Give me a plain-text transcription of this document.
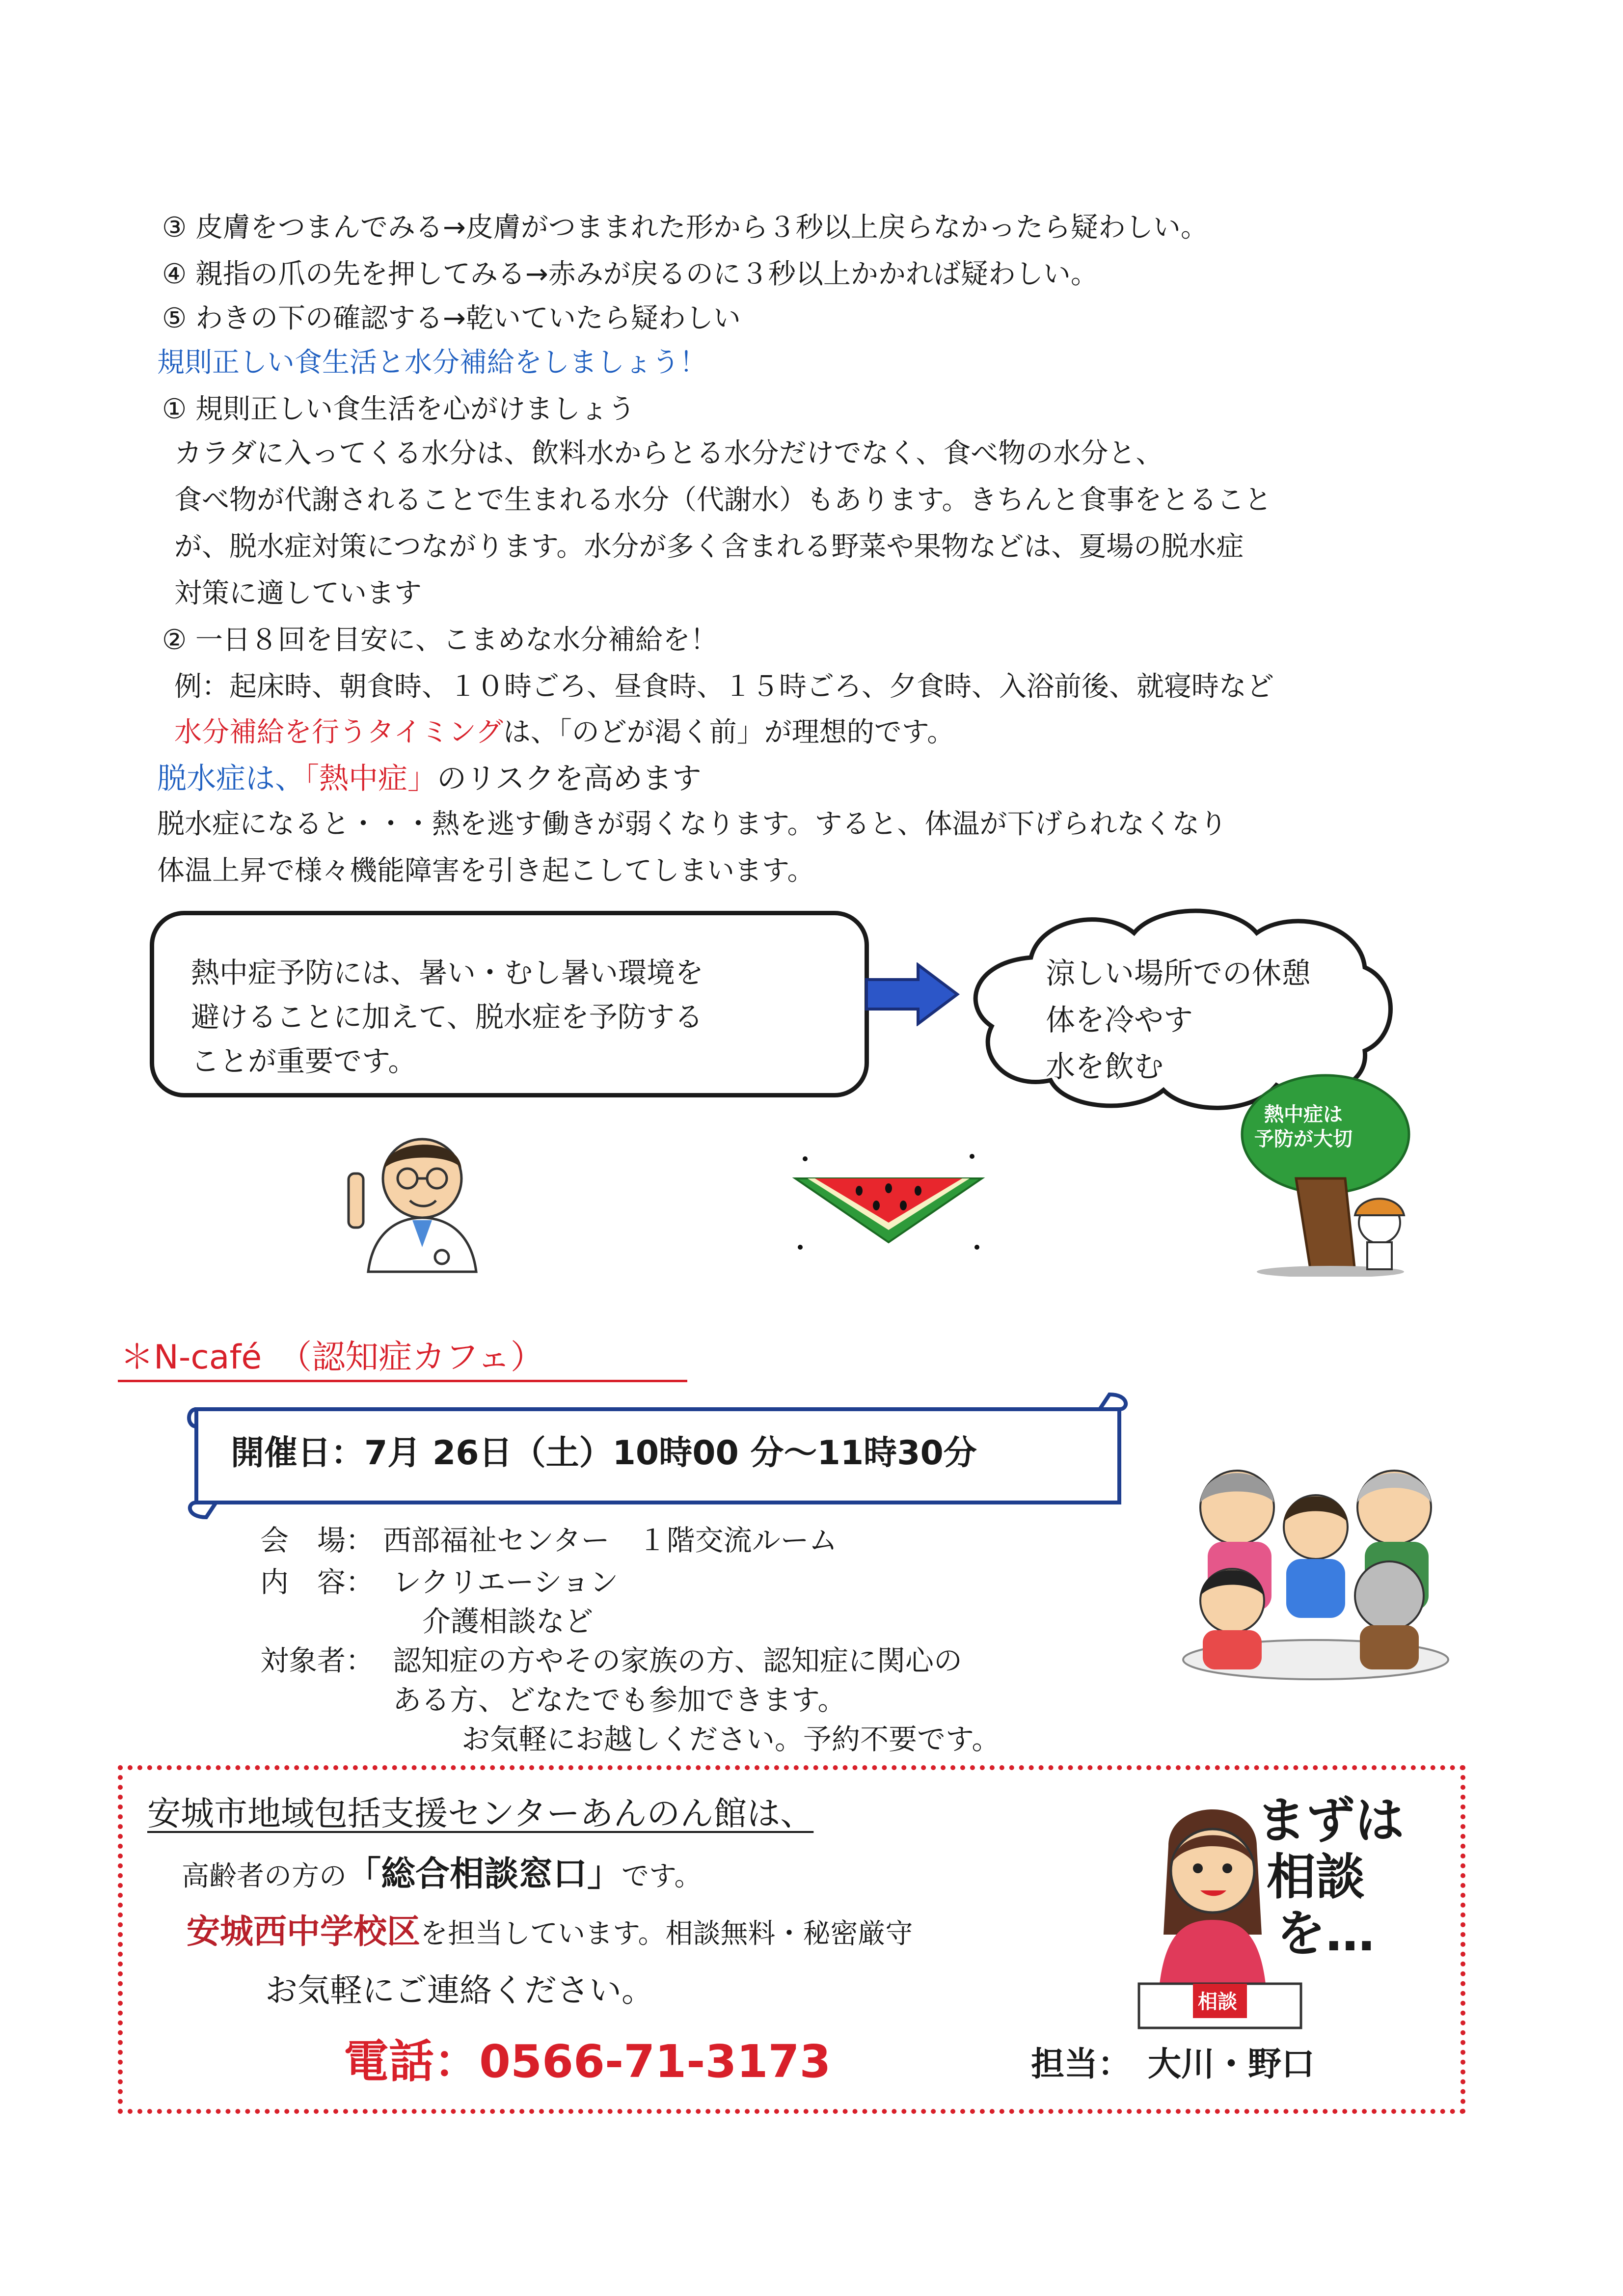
③ 皮膚をつまんでみる→皮膚がつままれた形から３秒以上戻らなかったら疑わしい。
④ 親指の爪の先を押してみる→赤みが戻るのに３秒以上かかれば疑わしい。
⑤ わきの下の確認する→乾いていたら疑わしい
規則正しい食生活と水分補給をしましょう！
① 規則正しい食生活を心がけましょう
カラダに入ってくる水分は、飲料水からとる水分だけでなく、食べ物の水分と、
食べ物が代謝されることで生まれる水分（代謝水）もあります。きちんと食事をとること
が、脱水症対策につながります。水分が多く含まれる野菜や果物などは、夏場の脱水症
対策に適しています
② 一日８回を目安に、こまめな水分補給を！
例：起床時、朝食時、１０時ごろ、昼食時、１５時ごろ、夕食時、入浴前後、就寝時など
水分補給を行うタイミングは、「のどが渇く前」が理想的です。
脱水症は、「熱中症」のリスクを高めます
脱水症になると・・・熱を逃す働きが弱くなります。すると、体温が下げられなくなり
体温上昇で様々機能障害を引き起こしてしまいます。
熱中症予防には、暑い・むし暑い環境を
避けることに加えて、脱水症を予防する
ことが重要です。
涼しい場所での休憩
体を冷やす
水を飲む
熱中症は
予防が大切
＊N-café　（認知症カフェ）
開催日：7月 26日（土）10時00 分～11時30分
会　場： 西部福祉センター　１階交流ルーム
内　容： レクリエーション
介護相談など
対象者： 認知症の方やその家族の方、認知症に関心の
ある方、どなたでも参加できます。
お気軽にお越しください。予約不要です。
安城市地域包括支援センターあんのん館は、
高齢者の方の「総合相談窓口」です。
安城西中学校区を担当しています。相談無料・秘密厳守
お気軽にご連絡ください。
電話：0566-71-3173	担当：　大川・野口
相談
まずは
相談
を…
